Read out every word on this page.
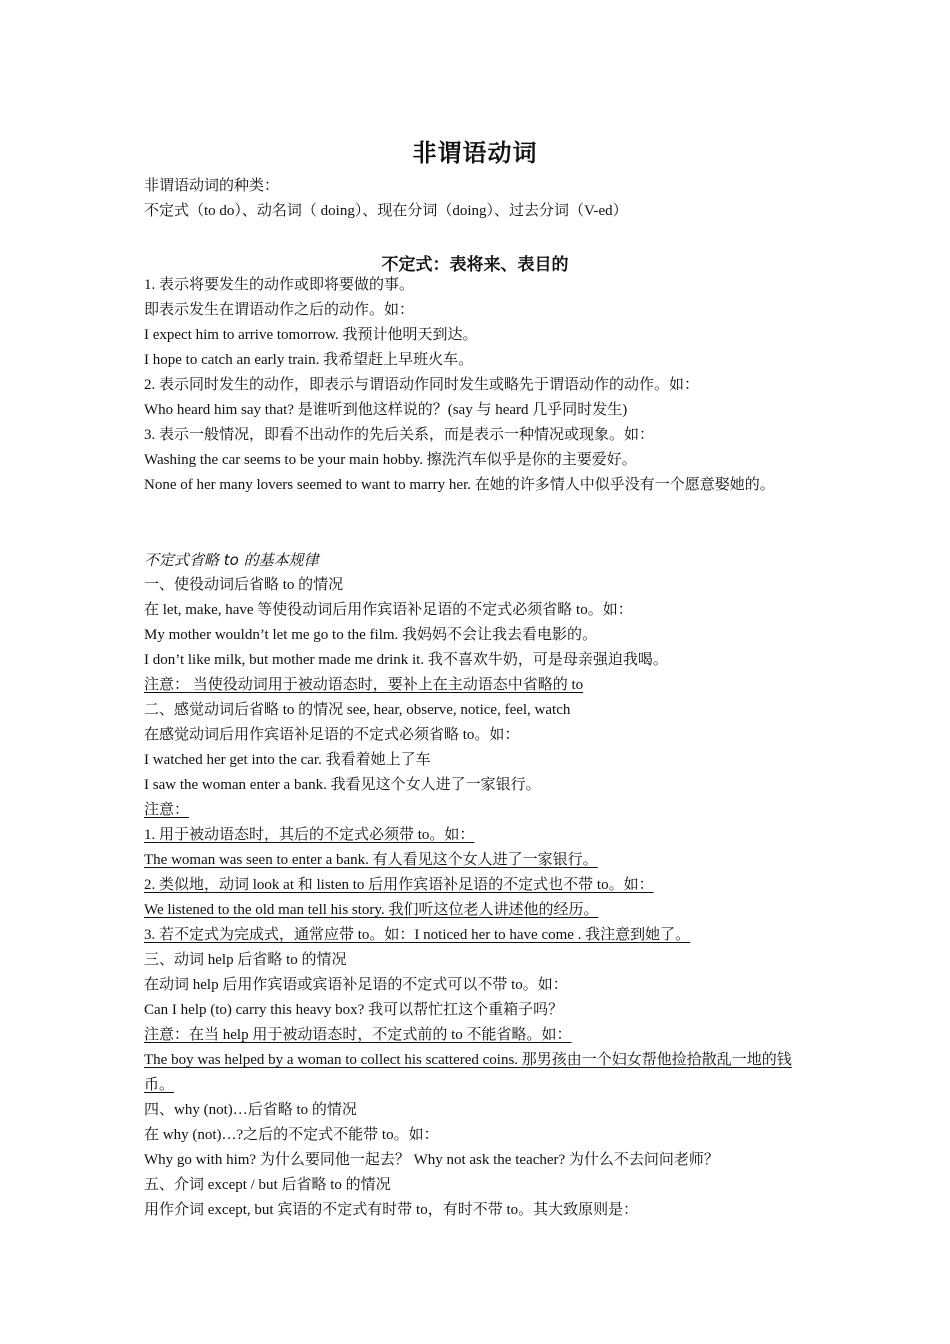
非谓语动词
非谓语动词的种类：
不定式（to do）、动名词（ doing）、现在分词（doing）、过去分词（V-ed）
不定式：表将来、表目的
1. 表示将要发生的动作或即将要做的事。
即表示发生在谓语动作之后的动作。如：
I expect him to arrive tomorrow. 我预计他明天到达。
I hope to catch an early train. 我希望赶上早班火车。
2. 表示同时发生的动作，即表示与谓语动作同时发生或略先于谓语动作的动作。如：
Who heard him say that? 是谁听到他这样说的？(say 与 heard 几乎同时发生)
3. 表示一般情况，即看不出动作的先后关系，而是表示一种情况或现象。如：
Washing the car seems to be your main hobby. 擦洗汽车似乎是你的主要爱好。
None of her many lovers seemed to want to marry her. 在她的许多情人中似乎没有一个愿意娶她的。
不定式省略 to 的基本规律
一、使役动词后省略 to 的情况
在 let, make, have 等使役动词后用作宾语补足语的不定式必须省略 to。如：
My mother wouldn’t let me go to the film. 我妈妈不会让我去看电影的。
I don’t like milk, but mother made me drink it. 我不喜欢牛奶，可是母亲强迫我喝。
注意： 当使役动词用于被动语态时，要补上在主动语态中省略的 to
二、感觉动词后省略 to 的情况 see, hear, observe, notice, feel, watch
在感觉动词后用作宾语补足语的不定式必须省略 to。如：
I watched her get into the car. 我看着她上了车
I saw the woman enter a bank. 我看见这个女人进了一家银行。
注意：
1. 用于被动语态时，其后的不定式必须带 to。如：
The woman was seen to enter a bank. 有人看见这个女人进了一家银行。
2. 类似地，动词 look at 和 listen to 后用作宾语补足语的不定式也不带 to。如：
We listened to the old man tell his story. 我们听这位老人讲述他的经历。
3. 若不定式为完成式，通常应带 to。如：I noticed her to have come . 我注意到她了。
三、动词 help 后省略 to 的情况
在动词 help 后用作宾语或宾语补足语的不定式可以不带 to。如：
Can I help (to) carry this heavy box? 我可以帮忙扛这个重箱子吗？
注意：在当 help 用于被动语态时，不定式前的 to 不能省略。如：
The boy was helped by a woman to collect his scattered coins. 那男孩由一个妇女帮他捡拾散乱一地的钱币。
四、why (not)…后省略 to 的情况
在 why (not)…?之后的不定式不能带 to。如：
Why go with him? 为什么要同他一起去？ Why not ask the teacher? 为什么不去问问老师？
五、介词 except / but 后省略 to 的情况
用作介词 except, but 宾语的不定式有时带 to，有时不带 to。其大致原则是：
